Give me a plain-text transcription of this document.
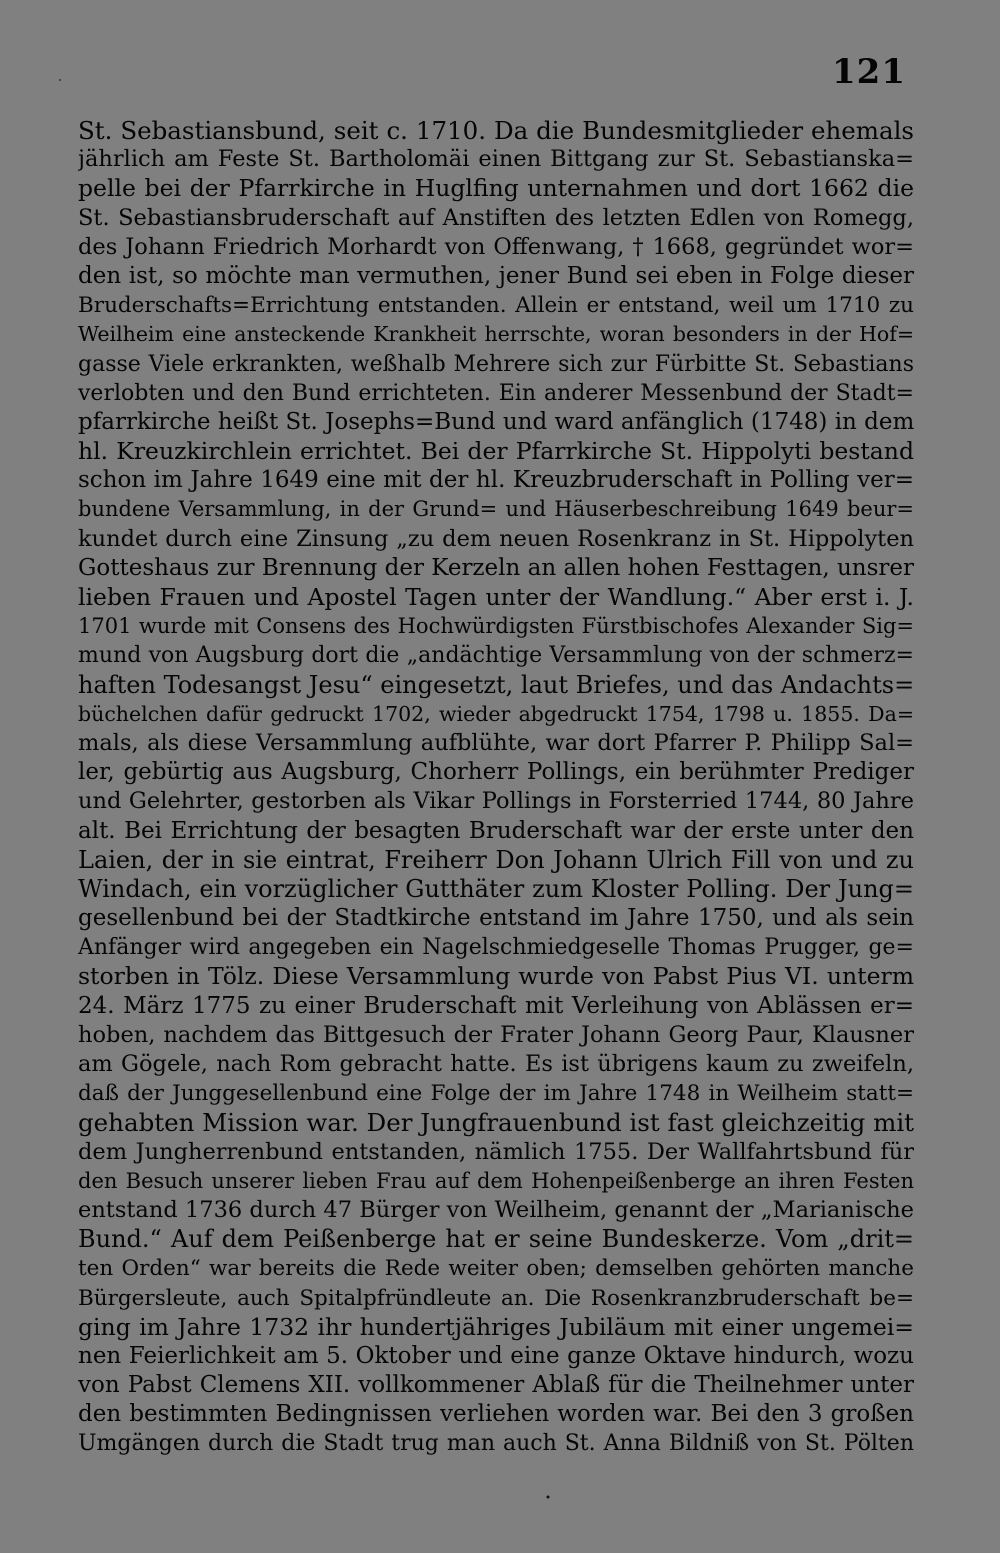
121
St. Sebastiansbund, seit c. 1710. Da die Bundesmitglieder ehemals
jährlich am Feste St. Bartholomäi einen Bittgang zur St. Sebastianska=
pelle bei der Pfarrkirche in Huglfing unternahmen und dort 1662 die
St. Sebastiansbruderschaft auf Anstiften des letzten Edlen von Romegg,
des Johann Friedrich Morhardt von Offenwang, † 1668, gegründet wor=
den ist, so möchte man vermuthen, jener Bund sei eben in Folge dieser
Bruderschafts=Errichtung entstanden. Allein er entstand, weil um 1710 zu
Weilheim eine ansteckende Krankheit herrschte, woran besonders in der Hof=
gasse Viele erkrankten, weßhalb Mehrere sich zur Fürbitte St. Sebastians
verlobten und den Bund errichteten. Ein anderer Messenbund der Stadt=
pfarrkirche heißt St. Josephs=Bund und ward anfänglich (1748) in dem
hl. Kreuzkirchlein errichtet. Bei der Pfarrkirche St. Hippolyti bestand
schon im Jahre 1649 eine mit der hl. Kreuzbruderschaft in Polling ver=
bundene Versammlung, in der Grund= und Häuserbeschreibung 1649 beur=
kundet durch eine Zinsung „zu dem neuen Rosenkranz in St. Hippolyten
Gotteshaus zur Brennung der Kerzeln an allen hohen Festtagen, unsrer
lieben Frauen und Apostel Tagen unter der Wandlung.“ Aber erst i. J.
1701 wurde mit Consens des Hochwürdigsten Fürstbischofes Alexander Sig=
mund von Augsburg dort die „andächtige Versammlung von der schmerz=
haften Todesangst Jesu“ eingesetzt, laut Briefes, und das Andachts=
büchelchen dafür gedruckt 1702, wieder abgedruckt 1754, 1798 u. 1855. Da=
mals, als diese Versammlung aufblühte, war dort Pfarrer P. Philipp Sal=
ler, gebürtig aus Augsburg, Chorherr Pollings, ein berühmter Prediger
und Gelehrter, gestorben als Vikar Pollings in Forsterried 1744, 80 Jahre
alt. Bei Errichtung der besagten Bruderschaft war der erste unter den
Laien, der in sie eintrat, Freiherr Don Johann Ulrich Fill von und zu
Windach, ein vorzüglicher Gutthäter zum Kloster Polling. Der Jung=
gesellenbund bei der Stadtkirche entstand im Jahre 1750, und als sein
Anfänger wird angegeben ein Nagelschmiedgeselle Thomas Prugger, ge=
storben in Tölz. Diese Versammlung wurde von Pabst Pius VI. unterm
24. März 1775 zu einer Bruderschaft mit Verleihung von Ablässen er=
hoben, nachdem das Bittgesuch der Frater Johann Georg Paur, Klausner
am Gögele, nach Rom gebracht hatte. Es ist übrigens kaum zu zweifeln,
daß der Junggesellenbund eine Folge der im Jahre 1748 in Weilheim statt=
gehabten Mission war. Der Jungfrauenbund ist fast gleichzeitig mit
dem Jungherrenbund entstanden, nämlich 1755. Der Wallfahrtsbund für
den Besuch unserer lieben Frau auf dem Hohenpeißenberge an ihren Festen
entstand 1736 durch 47 Bürger von Weilheim, genannt der „Marianische
Bund.“ Auf dem Peißenberge hat er seine Bundeskerze. Vom „drit=
ten Orden“ war bereits die Rede weiter oben; demselben gehörten manche
Bürgersleute, auch Spitalpfründleute an. Die Rosenkranzbruderschaft be=
ging im Jahre 1732 ihr hundertjähriges Jubiläum mit einer ungemei=
nen Feierlichkeit am 5. Oktober und eine ganze Oktave hindurch, wozu
von Pabst Clemens XII. vollkommener Ablaß für die Theilnehmer unter
den bestimmten Bedingnissen verliehen worden war. Bei den 3 großen
Umgängen durch die Stadt trug man auch St. Anna Bildniß von St. Pölten
